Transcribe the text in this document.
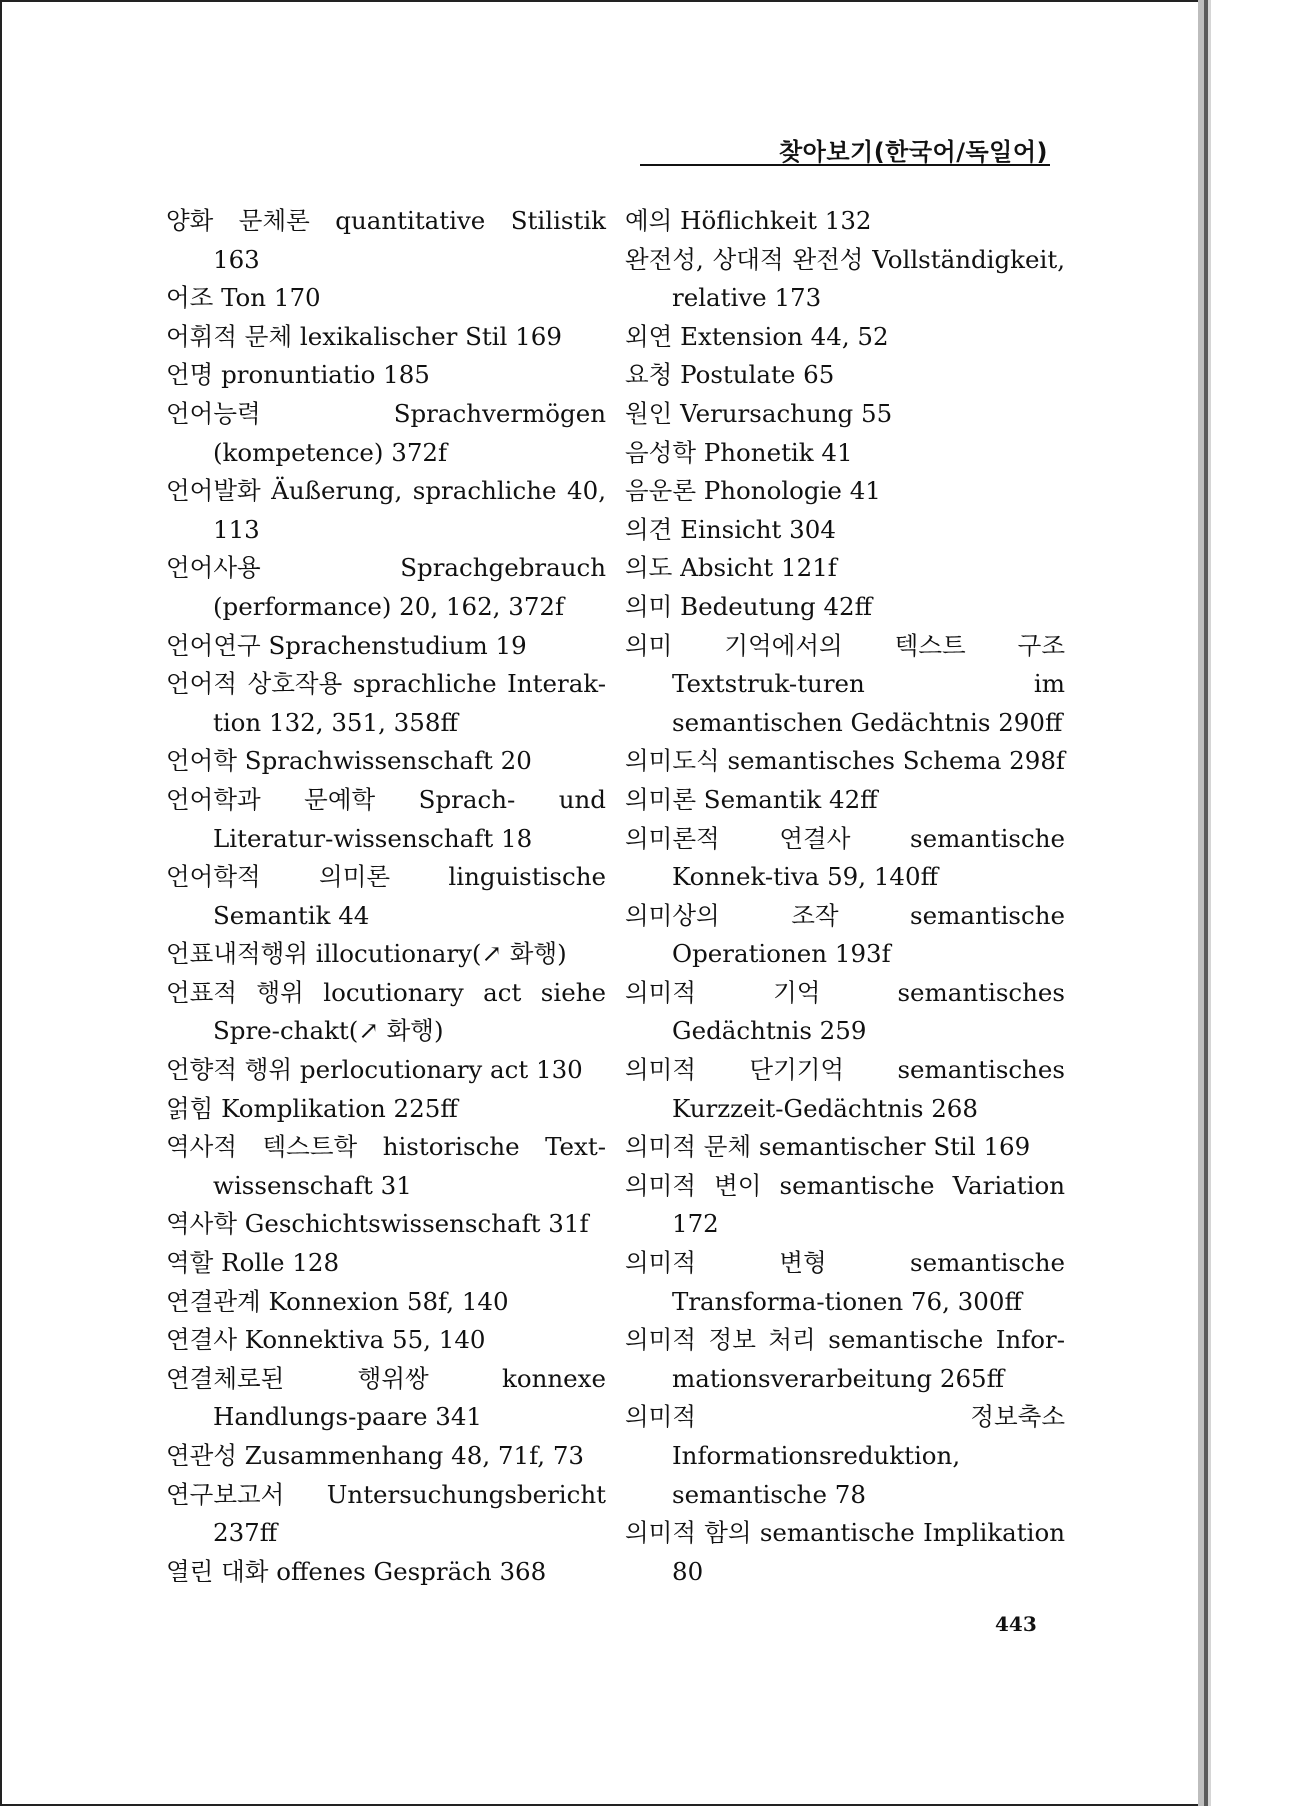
찾아보기(한국어/독일어)
양화 문체론 quantitative Stilistik 163
어조 Ton 170
어휘적 문체 lexikalischer Stil 169
언명 pronuntiatio 185
언어능력 Sprachvermögen (kompetence) 372f
언어발화 Äußerung, sprachliche 40, 113
언어사용 Sprachgebrauch (performance) 20, 162, 372f
언어연구 Sprachenstudium 19
언어적 상호작용 sprachliche Interak-tion 132, 351, 358ff
언어학 Sprachwissenschaft 20
언어학과 문예학 Sprach- und Literatur-wissenschaft 18
언어학적 의미론 linguistische Semantik 44
언표내적행위 illocutionary(↗ 화행)
언표적 행위 locutionary act siehe Spre-chakt(↗ 화행)
언향적 행위 perlocutionary act 130
얽힘 Komplikation 225ff
역사적 텍스트학 historische Text-wissenschaft 31
역사학 Geschichtswissenschaft 31f
역할 Rolle 128
연결관계 Konnexion 58f, 140
연결사 Konnektiva 55, 140
연결체로된 행위쌍 konnexe Handlungs-paare 341
연관성 Zusammenhang 48, 71f, 73
연구보고서 Untersuchungsbericht 237ff
열린 대화 offenes Gespräch 368
예의 Höflichkeit 132
완전성, 상대적 완전성 Vollständigkeit, relative 173
외연 Extension 44, 52
요청 Postulate 65
원인 Verursachung 55
음성학 Phonetik 41
음운론 Phonologie 41
의견 Einsicht 304
의도 Absicht 121f
의미 Bedeutung 42ff
의미 기억에서의 텍스트 구조 Textstruk-turen im semantischen Gedächtnis 290ff
의미도식 semantisches Schema 298f
의미론 Semantik 42ff
의미론적 연결사 semantische Konnek-tiva 59, 140ff
의미상의 조작 semantische Operationen 193f
의미적 기억 semantisches Gedächtnis 259
의미적 단기기억 semantisches Kurzzeit-Gedächtnis 268
의미적 문체 semantischer Stil 169
의미적 변이 semantische Variation 172
의미적 변형 semantische Transforma-tionen 76, 300ff
의미적 정보 처리 semantische Infor-mationsverarbeitung 265ff
의미적 정보축소 Informationsreduktion, semantische 78
의미적 함의 semantische Implikation 80
443
